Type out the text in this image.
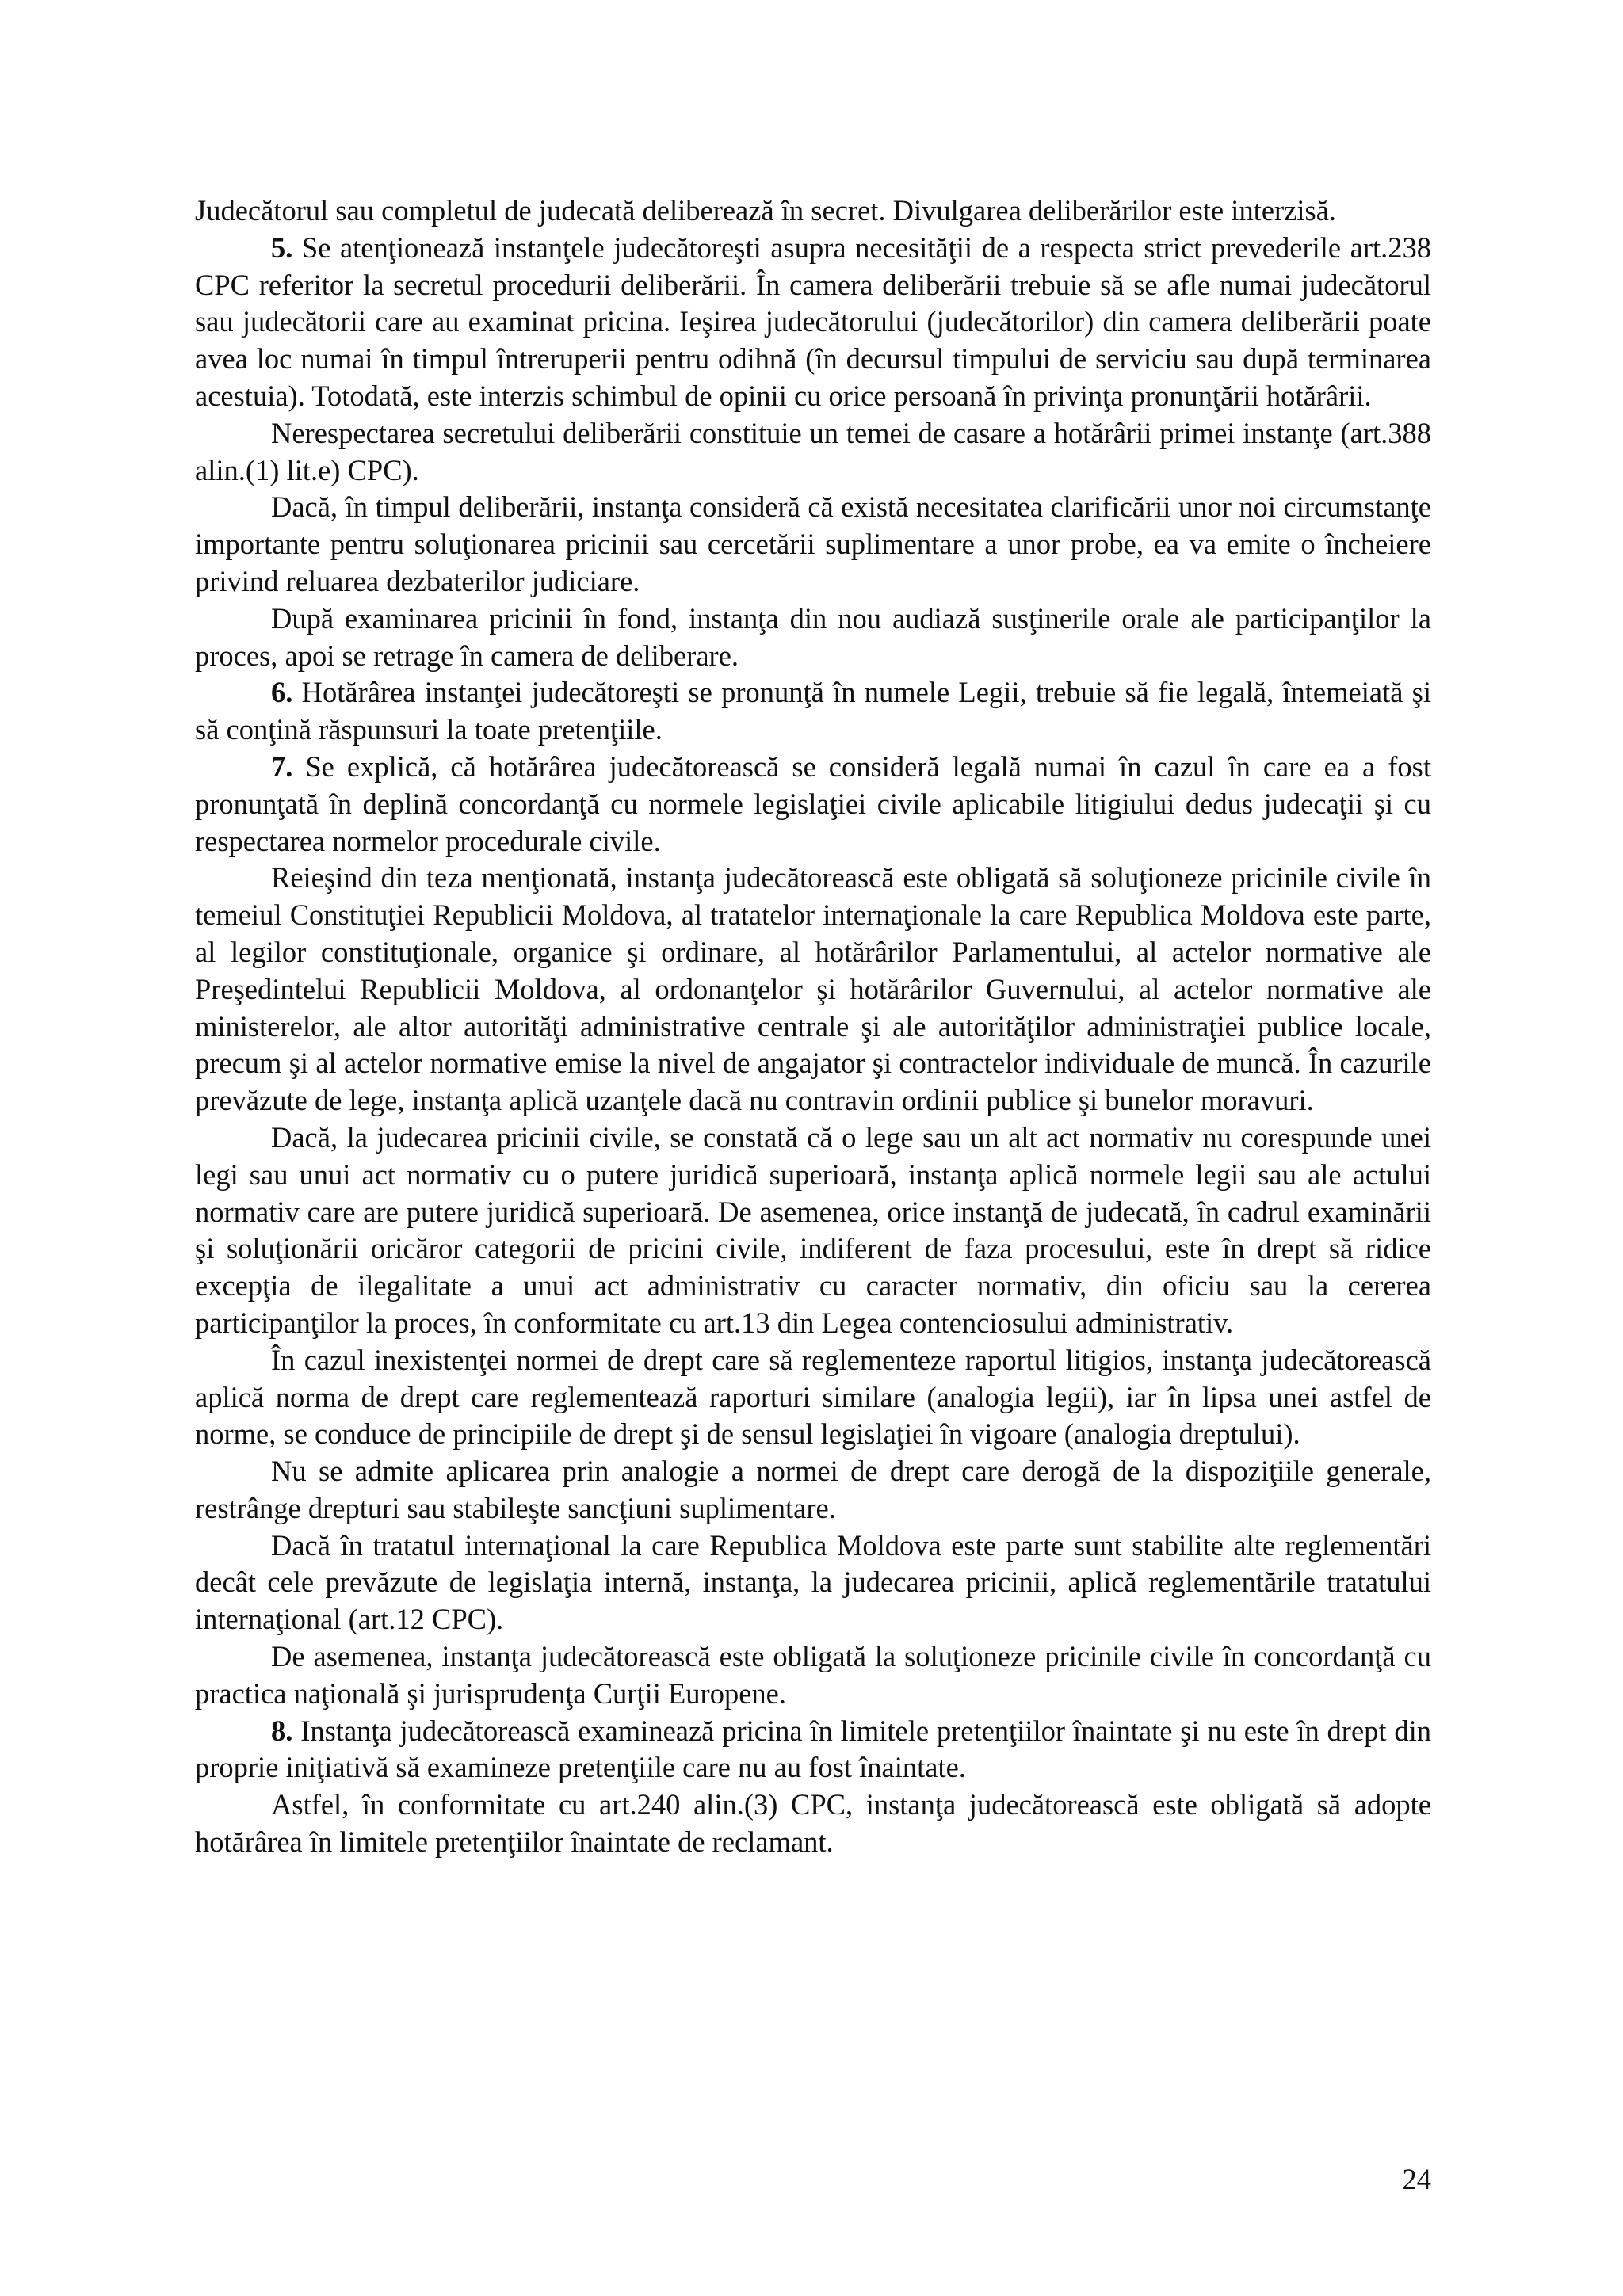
Judecătorul sau completul de judecată deliberează în secret. Divulgarea deliberărilor este interzisă.

5. Se atenţionează instanţele judecătoreşti asupra necesităţii de a respecta strict prevederile art.238 CPC referitor la secretul procedurii deliberării. În camera deliberării trebuie să se afle numai judecătorul sau judecătorii care au examinat pricina. Ieşirea judecătorului (judecătorilor) din camera deliberării poate avea loc numai în timpul întreruperii pentru odihnă (în decursul timpului de serviciu sau după terminarea acestuia). Totodată, este interzis schimbul de opinii cu orice persoană în privinţa pronunţării hotărârii.

Nerespectarea secretului deliberării constituie un temei de casare a hotărârii primei instanţe (art.388 alin.(1) lit.e) CPC).

Dacă, în timpul deliberării, instanţa consideră că există necesitatea clarificării unor noi circumstanţe importante pentru soluţionarea pricinii sau cercetării suplimentare a unor probe, ea va emite o încheiere privind reluarea dezbaterilor judiciare.

După examinarea pricinii în fond, instanţa din nou audiază susţinerile orale ale participanţilor la proces, apoi se retrage în camera de deliberare.

6. Hotărârea instanţei judecătoreşti se pronunţă în numele Legii, trebuie să fie legală, întemeiată şi să conţină răspunsuri la toate pretenţiile.

7. Se explică, că hotărârea judecătorească se consideră legală numai în cazul în care ea a fost pronunţată în deplină concordanţă cu normele legislaţiei civile aplicabile litigiului dedus judecaţii şi cu respectarea normelor procedurale civile.

Reieşind din teza menţionată, instanţa judecătorească este obligată să soluţioneze pricinile civile în temeiul Constituţiei Republicii Moldova, al tratatelor internaţionale la care Republica Moldova este parte, al legilor constituţionale, organice şi ordinare, al hotărârilor Parlamentului, al actelor normative ale Preşedintelui Republicii Moldova, al ordonanţelor şi hotărârilor Guvernului, al actelor normative ale ministerelor, ale altor autorităţi administrative centrale şi ale autorităţilor administraţiei publice locale, precum şi al actelor normative emise la nivel de angajator şi contractelor individuale de muncă. În cazurile prevăzute de lege, instanţa aplică uzanţele dacă nu contravin ordinii publice şi bunelor moravuri.

Dacă, la judecarea pricinii civile, se constată că o lege sau un alt act normativ nu corespunde unei legi sau unui act normativ cu o putere juridică superioară, instanţa aplică normele legii sau ale actului normativ care are putere juridică superioară. De asemenea, orice instanţă de judecată, în cadrul examinării şi soluţionării oricăror categorii de pricini civile, indiferent de faza procesului, este în drept să ridice excepţia de ilegalitate a unui act administrativ cu caracter normativ, din oficiu sau la cererea participanţilor la proces, în conformitate cu art.13 din Legea contenciosului administrativ.

În cazul inexistenţei normei de drept care să reglementeze raportul litigios, instanţa judecătorească aplică norma de drept care reglementează raporturi similare (analogia legii), iar în lipsa unei astfel de norme, se conduce de principiile de drept şi de sensul legislaţiei în vigoare (analogia dreptului).

Nu se admite aplicarea prin analogie a normei de drept care derogă de la dispoziţiile generale, restrânge drepturi sau stabileşte sancţiuni suplimentare.

Dacă în tratatul internaţional la care Republica Moldova este parte sunt stabilite alte reglementări decât cele prevăzute de legislaţia internă, instanţa, la judecarea pricinii, aplică reglementările tratatului internaţional (art.12 CPC).

De asemenea, instanţa judecătorească este obligată la soluţioneze pricinile civile în concordanţă cu practica naţională şi jurisprudenţa Curţii Europene.

8. Instanţa judecătorească examinează pricina în limitele pretenţiilor înaintate şi nu este în drept din proprie iniţiativă să examineze pretenţiile care nu au fost înaintate.

Astfel, în conformitate cu art.240 alin.(3) CPC, instanţa judecătorească este obligată să adopte hotărârea în limitele pretenţiilor înaintate de reclamant.

24
